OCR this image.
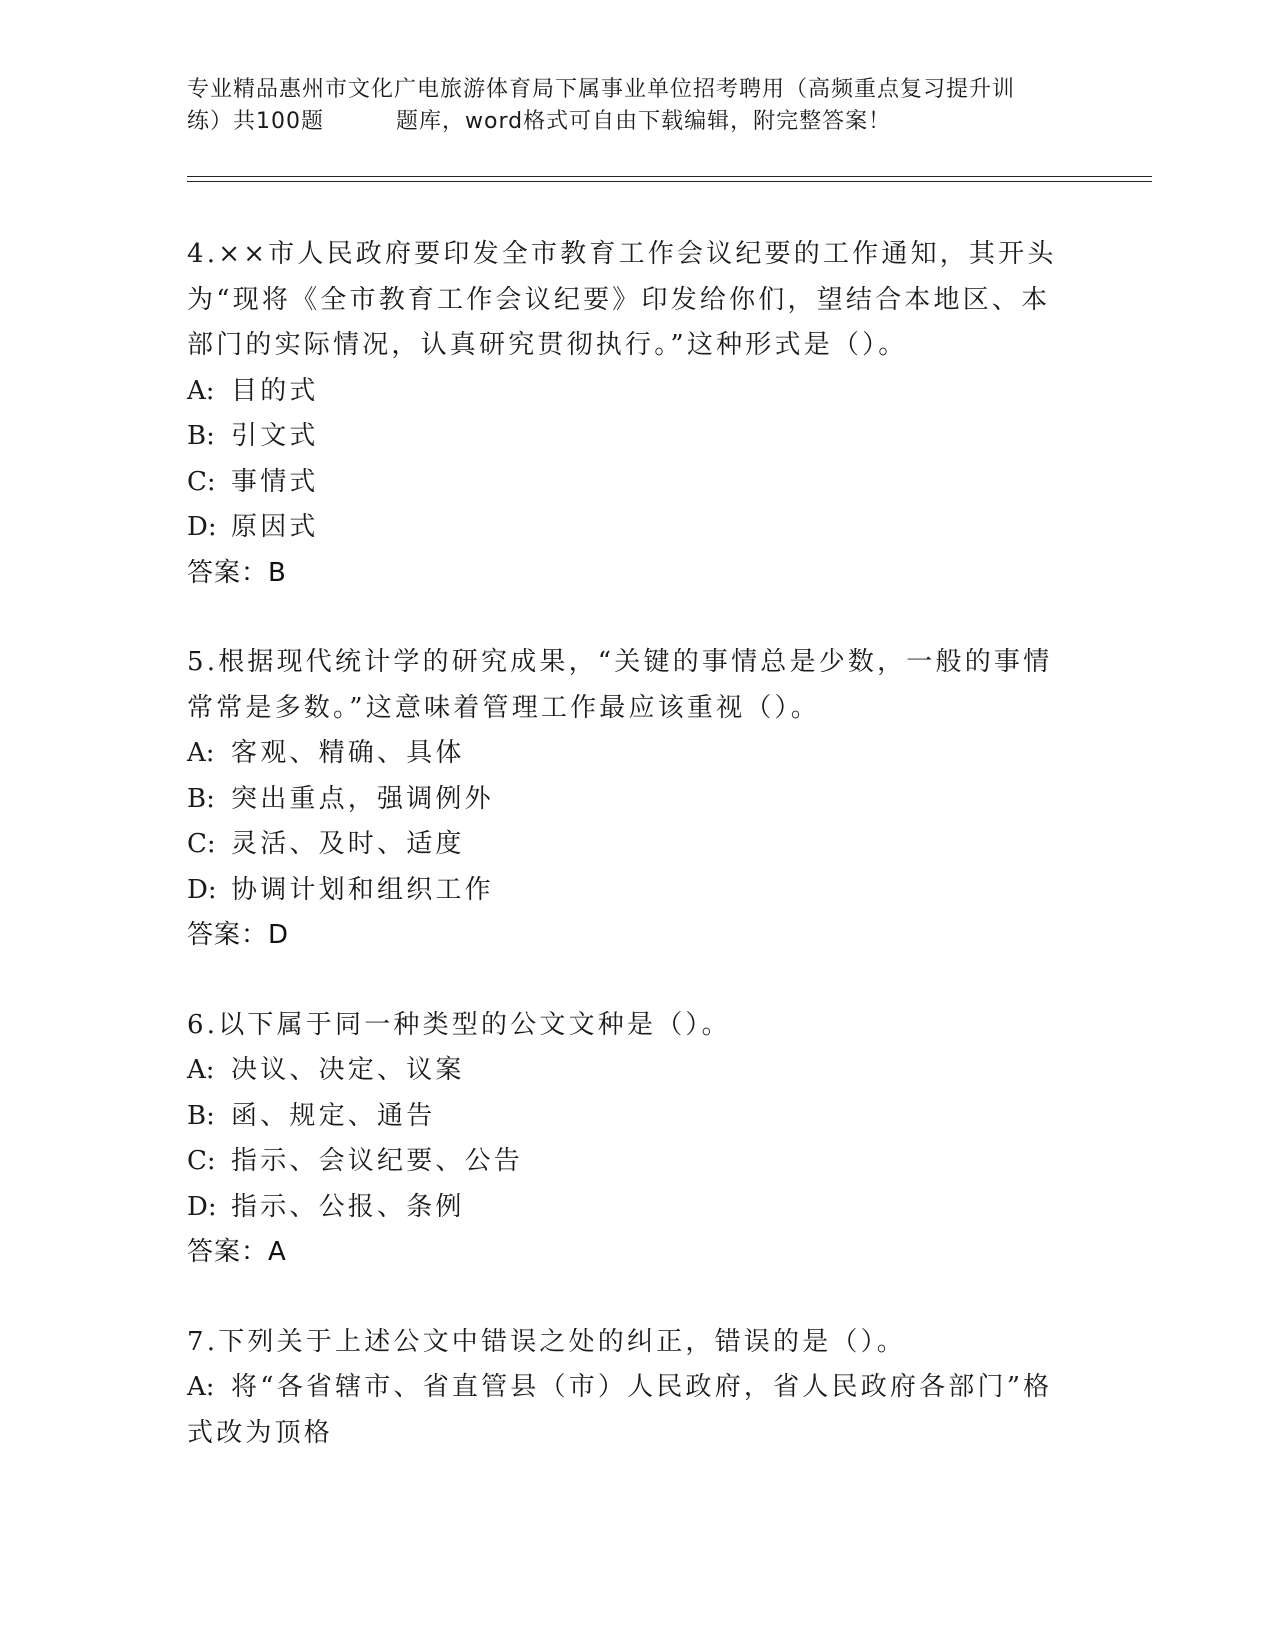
专业精品惠州市文化广电旅游体育局下属事业单位招考聘用（高频重点复习提升训
练）共100题	题库，word格式可自由下载编辑，附完整答案！
4.××市人民政府要印发全市教育工作会议纪要的工作通知，其开头为“现将《全市教育工作会议纪要》印发给你们，望结合本地区、本部门的实际情况，认真研究贯彻执行。”这种形式是（）。
A: 目的式
B: 引文式
C: 事情式
D: 原因式
答案：B
5.根据现代统计学的研究成果，“关键的事情总是少数，一般的事情常常是多数。”这意味着管理工作最应该重视（）。
A: 客观、精确、具体
B: 突出重点，强调例外
C: 灵活、及时、适度
D: 协调计划和组织工作
答案：D
6.以下属于同一种类型的公文文种是（）。
A: 决议、决定、议案
B: 函、规定、通告
C: 指示、会议纪要、公告
D: 指示、公报、条例
答案：A
7.下列关于上述公文中错误之处的纠正，错误的是（）。
A: 将“各省辖市、省直管县（市）人民政府，省人民政府各部门”格式改为顶格
